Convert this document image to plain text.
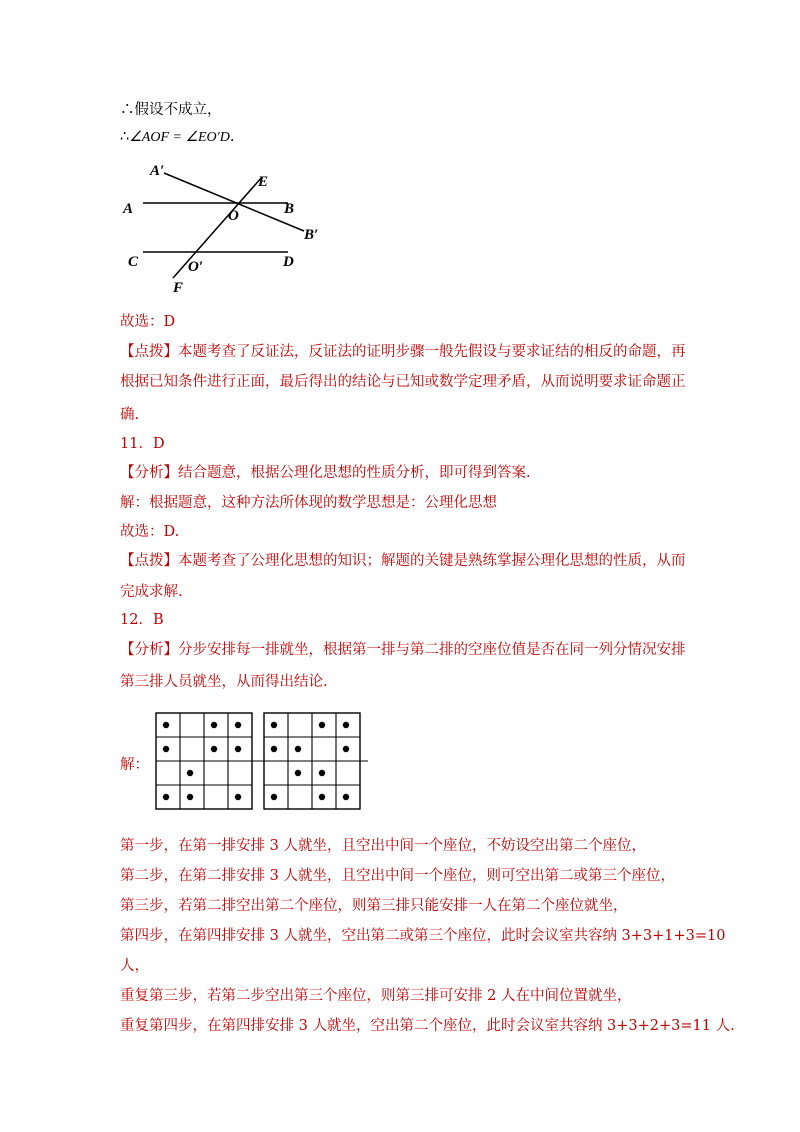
∴假设不成立，
∴∠AOF = ∠EO′D.
A′
E
A	O	B
B′
C	O′	D
F
故选：D
【点拨】本题考查了反证法，反证法的证明步骤一般先假设与要求证结的相反的命题，再
根据已知条件进行正面，最后得出的结论与已知或数学定理矛盾，从而说明要求证命题正
确.
11．D
【分析】结合题意，根据公理化思想的性质分析，即可得到答案.
解：根据题意，这种方法所体现的数学思想是：公理化思想
故选：D.
【点拨】本题考查了公理化思想的知识；解题的关键是熟练掌握公理化思想的性质，从而
完成求解.
12．B
【分析】分步安排每一排就坐，根据第一排与第二排的空座位值是否在同一列分情况安排
第三排人员就坐，从而得出结论.
解：
第一步，在第一排安排 3 人就坐，且空出中间一个座位，不妨设空出第二个座位，
第二步，在第二排安排 3 人就坐，且空出中间一个座位，则可空出第二或第三个座位，
第三步，若第二排空出第二个座位，则第三排只能安排一人在第二个座位就坐，
第四步，在第四排安排 3 人就坐，空出第二或第三个座位，此时会议室共容纳 3+3+1+3=10
人，
重复第三步，若第二步空出第三个座位，则第三排可安排 2 人在中间位置就坐，
重复第四步，在第四排安排 3 人就坐，空出第二个座位，此时会议室共容纳 3+3+2+3=11 人.
